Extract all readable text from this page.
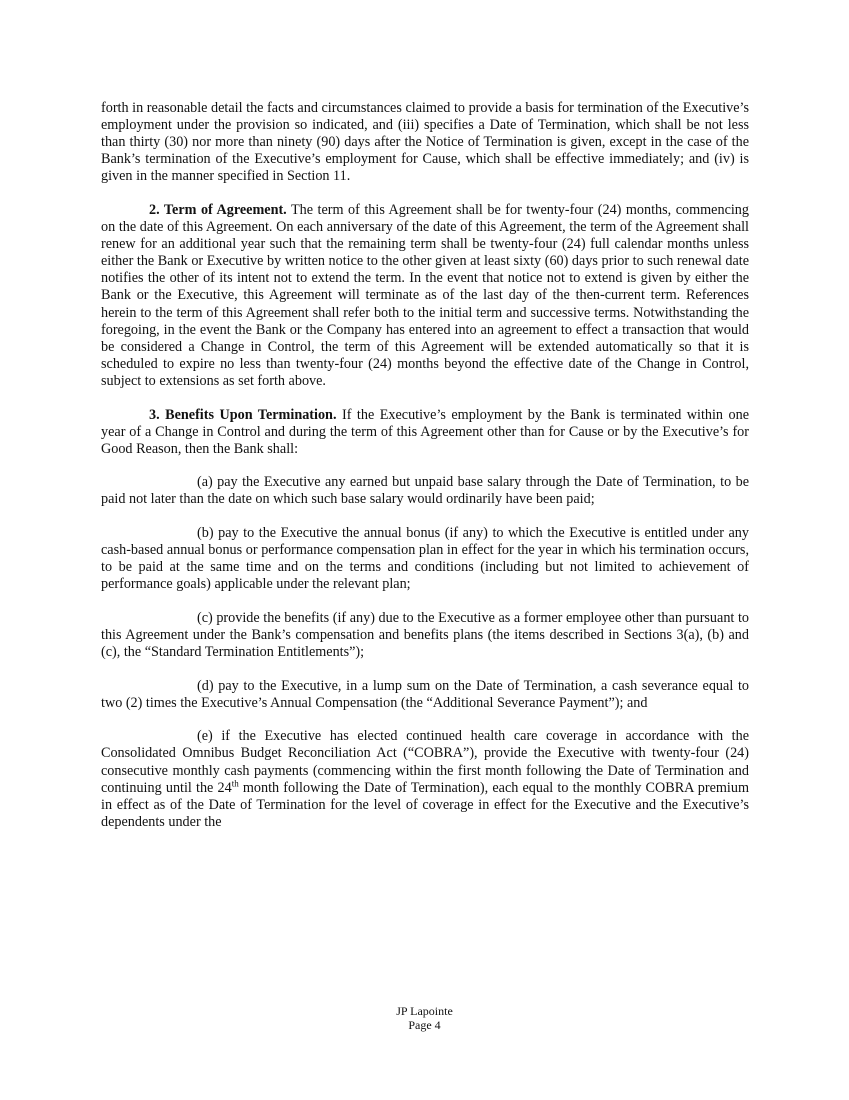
forth in reasonable detail the facts and circumstances claimed to provide a basis for termination of the Executive’s employment under the provision so indicated, and (iii) specifies a Date of Termination, which shall be not less than thirty (30) nor more than ninety (90) days after the Notice of Termination is given, except in the case of the Bank’s termination of the Executive’s employment for Cause, which shall be effective immediately; and (iv) is given in the manner specified in Section 11.

2. Term of Agreement. The term of this Agreement shall be for twenty-four (24) months, commencing on the date of this Agreement. On each anniversary of the date of this Agreement, the term of the Agreement shall renew for an additional year such that the remaining term shall be twenty-four (24) full calendar months unless either the Bank or Executive by written notice to the other given at least sixty (60) days prior to such renewal date notifies the other of its intent not to extend the term. In the event that notice not to extend is given by either the Bank or the Executive, this Agreement will terminate as of the last day of the then-current term. References herein to the term of this Agreement shall refer both to the initial term and successive terms. Notwithstanding the foregoing, in the event the Bank or the Company has entered into an agreement to effect a transaction that would be considered a Change in Control, the term of this Agreement will be extended automatically so that it is scheduled to expire no less than twenty-four (24) months beyond the effective date of the Change in Control, subject to extensions as set forth above.

3. Benefits Upon Termination. If the Executive’s employment by the Bank is terminated within one year of a Change in Control and during the term of this Agreement other than for Cause or by the Executive’s for Good Reason, then the Bank shall:

(a) pay the Executive any earned but unpaid base salary through the Date of Termination, to be paid not later than the date on which such base salary would ordinarily have been paid;

(b) pay to the Executive the annual bonus (if any) to which the Executive is entitled under any cash-based annual bonus or performance compensation plan in effect for the year in which his termination occurs, to be paid at the same time and on the terms and conditions (including but not limited to achievement of performance goals) applicable under the relevant plan;

(c) provide the benefits (if any) due to the Executive as a former employee other than pursuant to this Agreement under the Bank’s compensation and benefits plans (the items described in Sections 3(a), (b) and (c), the “Standard Termination Entitlements”);

(d) pay to the Executive, in a lump sum on the Date of Termination, a cash severance equal to two (2) times the Executive’s Annual Compensation (the “Additional Severance Payment”); and

(e) if the Executive has elected continued health care coverage in accordance with the Consolidated Omnibus Budget Reconciliation Act (“COBRA”), provide the Executive with twenty-four (24) consecutive monthly cash payments (commencing within the first month following the Date of Termination and continuing until the 24th month following the Date of Termination), each equal to the monthly COBRA premium in effect as of the Date of Termination for the level of coverage in effect for the Executive and the Executive’s dependents under the

JP Lapointe
Page 4
